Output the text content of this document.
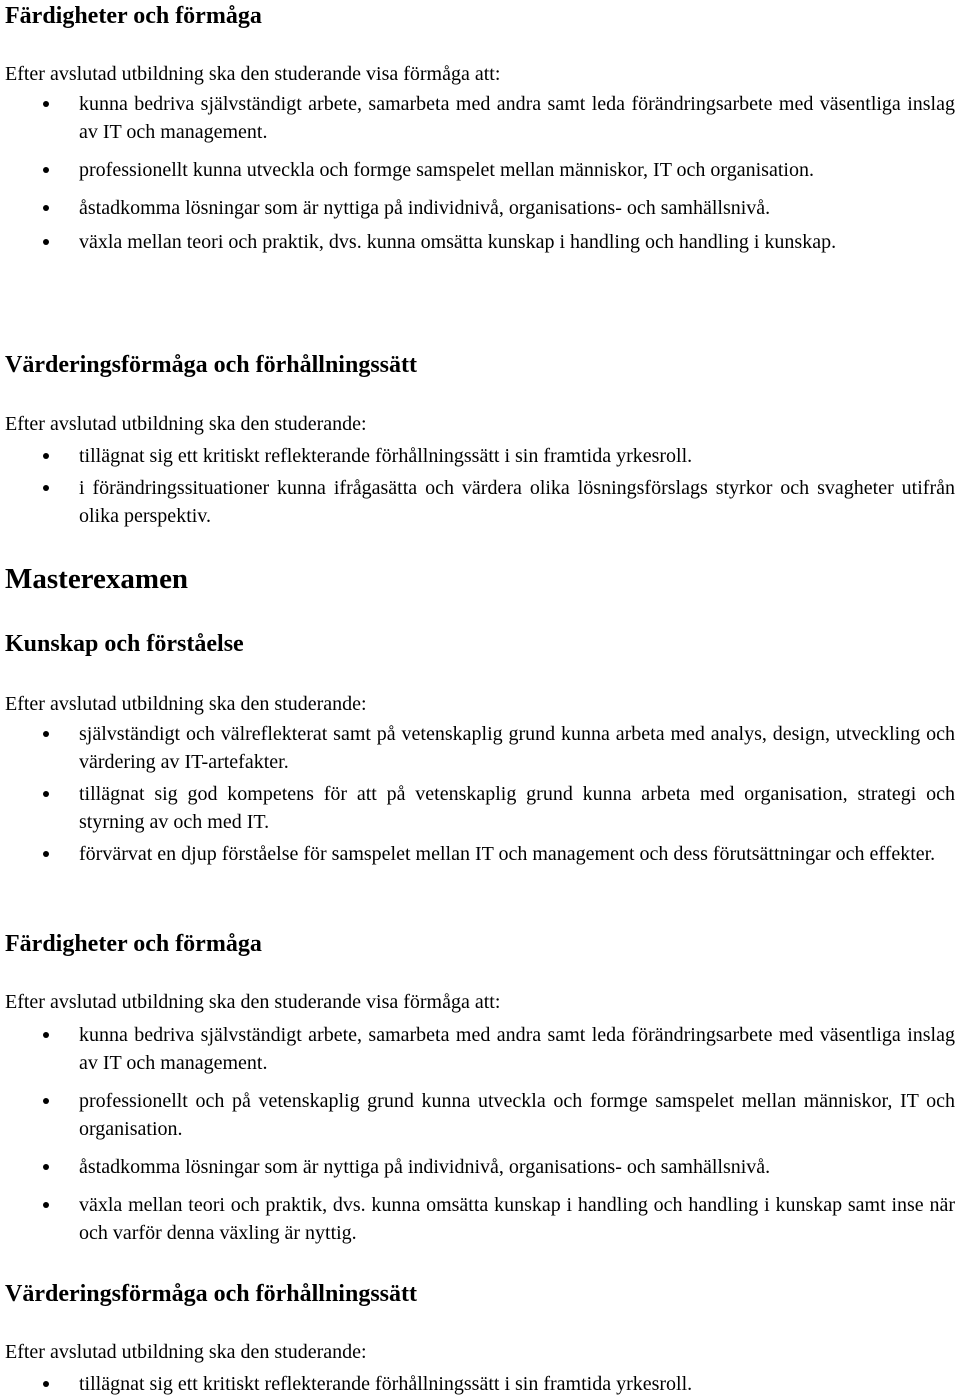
Färdigheter och förmåga

Efter avslutad utbildning ska den studerande visa förmåga att:

kunna bedriva självständigt arbete, samarbeta med andra samt leda förändringsarbete med väsentliga inslag av IT och management.
professionellt kunna utveckla och formge samspelet mellan människor, IT och organisation.
åstadkomma lösningar som är nyttiga på individnivå, organisations- och samhällsnivå.
växla mellan teori och praktik, dvs. kunna omsätta kunskap i handling och handling i kunskap.
Värderingsförmåga och förhållningssätt

Efter avslutad utbildning ska den studerande:

tillägnat sig ett kritiskt reflekterande förhållningssätt i sin framtida yrkesroll.
i förändringssituationer kunna ifrågasätta och värdera olika lösningsförslags styrkor och svagheter utifrån olika perspektiv.
Masterexamen
Kunskap och förståelse

Efter avslutad utbildning ska den studerande:

självständigt och välreflekterat samt på vetenskaplig grund kunna arbeta med analys, design, utveckling och värdering av IT-artefakter.
tillägnat sig god kompetens för att på vetenskaplig grund kunna arbeta med organisation, strategi och styrning av och med IT.
förvärvat en djup förståelse för samspelet mellan IT och management och dess förutsättningar och effekter.
Färdigheter och förmåga

Efter avslutad utbildning ska den studerande visa förmåga att:

kunna bedriva självständigt arbete, samarbeta med andra samt leda förändringsarbete med väsentliga inslag av IT och management.
professionellt och på vetenskaplig grund kunna utveckla och formge samspelet mellan människor, IT och organisation.
åstadkomma lösningar som är nyttiga på individnivå, organisations- och samhällsnivå.
växla mellan teori och praktik, dvs. kunna omsätta kunskap i handling och handling i kunskap samt inse när och varför denna växling är nyttig.
Värderingsförmåga och förhållningssätt

Efter avslutad utbildning ska den studerande:

tillägnat sig ett kritiskt reflekterande förhållningssätt i sin framtida yrkesroll.
